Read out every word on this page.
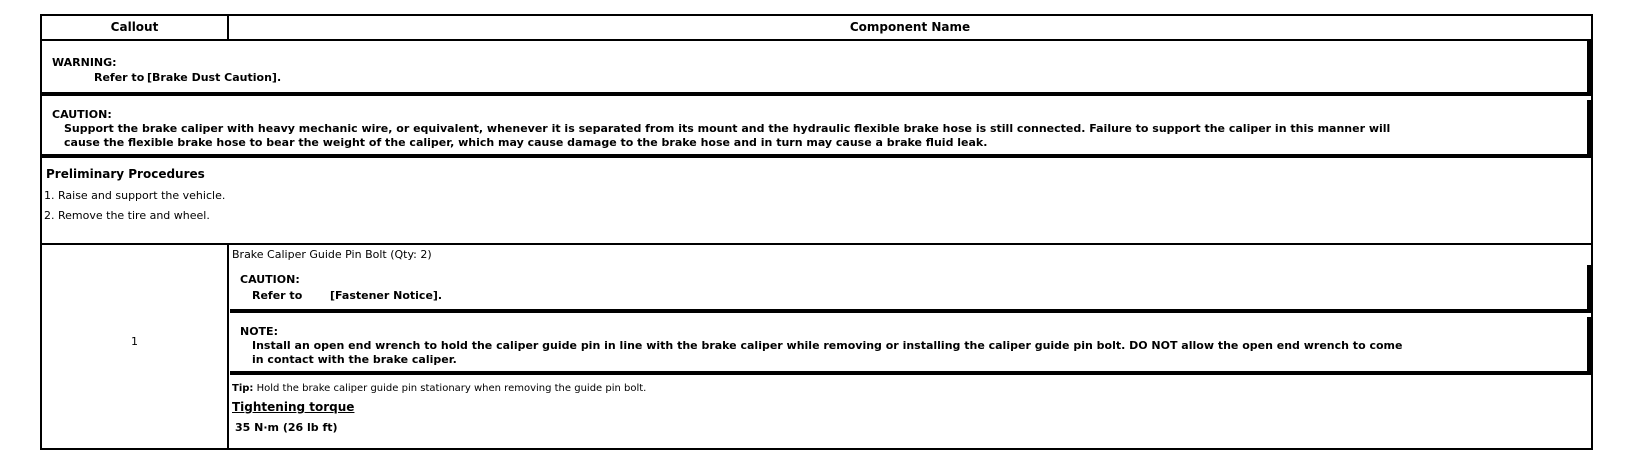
Callout	Component Name
WARNING:
Refer to [Brake Dust Caution].
CAUTION:
Support the brake caliper with heavy mechanic wire, or equivalent, whenever it is separated from its mount and the hydraulic flexible brake hose is still connected. Failure to support the caliper in this manner will
cause the flexible brake hose to bear the weight of the caliper, which may cause damage to the brake hose and in turn may cause a brake fluid leak.
Preliminary Procedures
1. Raise and support the vehicle.
2. Remove the tire and wheel.
1
Brake Caliper Guide Pin Bolt (Qty: 2)
CAUTION:
Refer to	[Fastener Notice].
NOTE:
Install an open end wrench to hold the caliper guide pin in line with the brake caliper while removing or installing the caliper guide pin bolt. DO NOT allow the open end wrench to come
in contact with the brake caliper.
Tip: Hold the brake caliper guide pin stationary when removing the guide pin bolt.
Tightening torque
35 N·m (26 lb ft)
